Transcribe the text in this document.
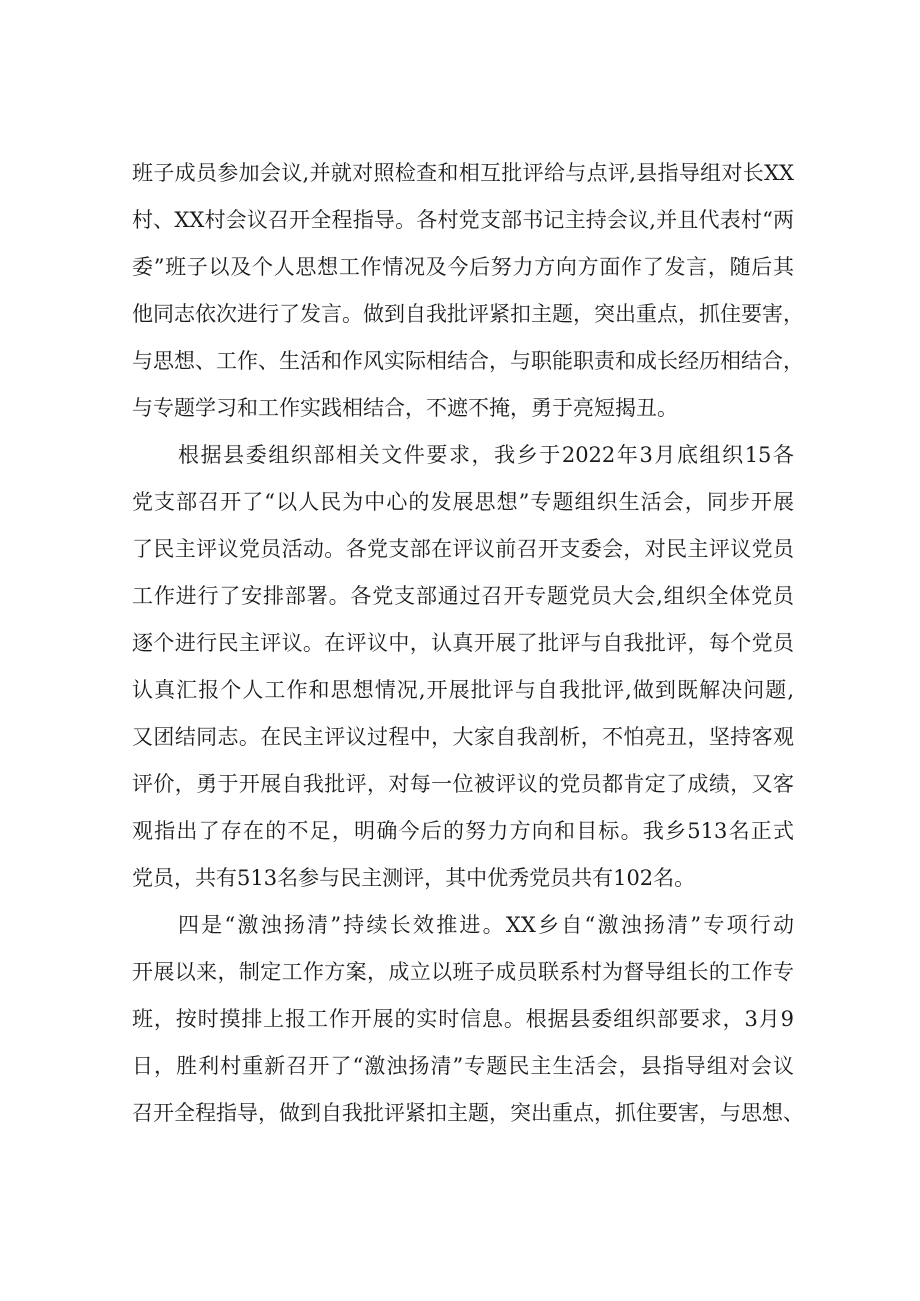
班子成员参加会议,并就对照检查和相互批评给与点评,县指导组对长XX
村、XX村会议召开全程指导。各村党支部书记主持会议,并且代表村“两
委”班子以及个人思想工作情况及今后努力方向方面作了发言，随后其
他同志依次进行了发言。做到自我批评紧扣主题，突出重点，抓住要害，
与思想、工作、生活和作风实际相结合，与职能职责和成长经历相结合，
与专题学习和工作实践相结合，不遮不掩，勇于亮短揭丑。
根据县委组织部相关文件要求，我乡于2022年3月底组织15各
党支部召开了“以人民为中心的发展思想”专题组织生活会，同步开展
了民主评议党员活动。各党支部在评议前召开支委会，对民主评议党员
工作进行了安排部署。各党支部通过召开专题党员大会,组织全体党员
逐个进行民主评议。在评议中，认真开展了批评与自我批评，每个党员
认真汇报个人工作和思想情况,开展批评与自我批评,做到既解决问题,
又团结同志。在民主评议过程中，大家自我剖析，不怕亮丑，坚持客观
评价，勇于开展自我批评，对每一位被评议的党员都肯定了成绩，又客
观指出了存在的不足，明确今后的努力方向和目标。我乡513名正式
党员，共有513名参与民主测评，其中优秀党员共有102名。
四是“激浊扬清”持续长效推进。XX乡自“激浊扬清”专项行动
开展以来，制定工作方案，成立以班子成员联系村为督导组长的工作专
班，按时摸排上报工作开展的实时信息。根据县委组织部要求，3月9
日，胜利村重新召开了“激浊扬清”专题民主生活会，县指导组对会议
召开全程指导，做到自我批评紧扣主题，突出重点，抓住要害，与思想、
